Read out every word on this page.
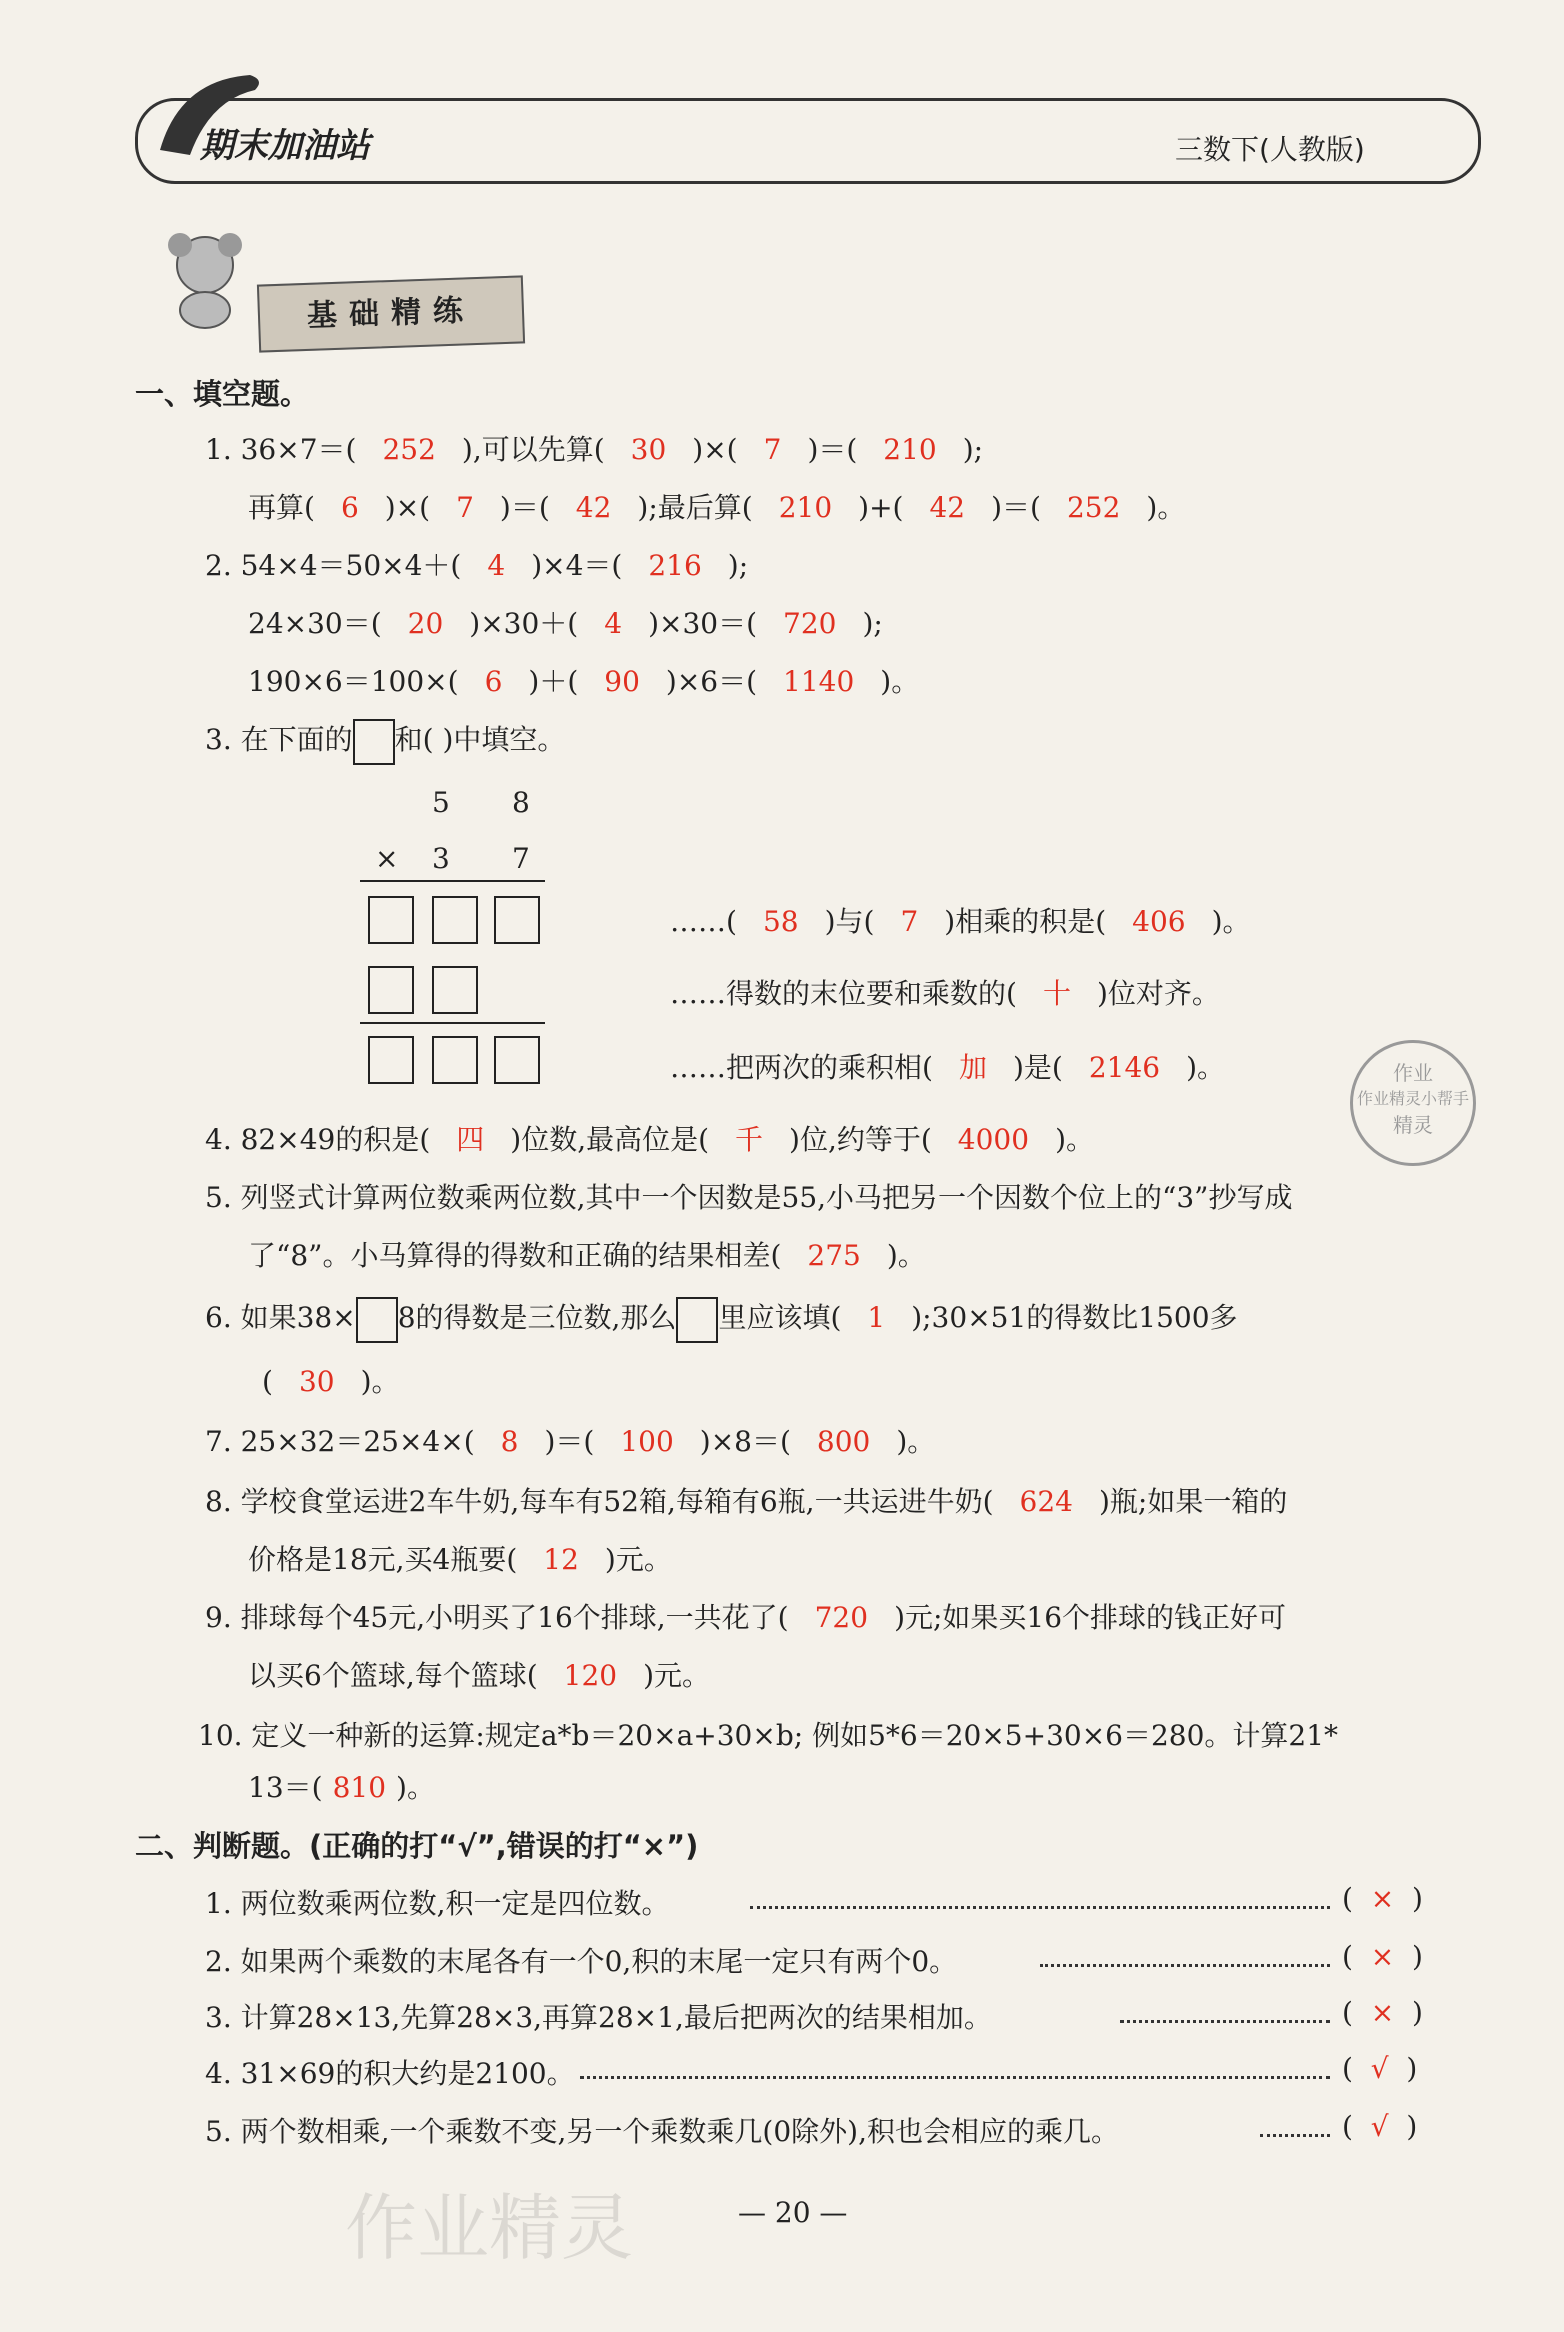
期末加油站	三数下(人教版)
基础精练
一、填空题。
1. 36×7＝( 252 ),可以先算( 30 )×( 7 )＝( 210 );
再算( 6 )×( 7 )＝( 42 );最后算( 210 )+( 42 )＝( 252 )。
2. 54×4＝50×4＋( 4 )×4＝( 216 );
24×30＝( 20 )×30＋( 4 )×30＝( 720 );
190×6＝100×( 6 )＋( 90 )×6＝( 1140 )。
3. 在下面的 和( )中填空。
5 8
× 3 7
……( 58 )与( 7 )相乘的积是( 406 )。
……得数的末位要和乘数的( 十 )位对齐。
……把两次的乘积相( 加 )是( 2146 )。	作业
作业精灵小帮手
精灵
4. 82×49的积是( 四 )位数,最高位是( 千 )位,约等于( 4000 )。
5. 列竖式计算两位数乘两位数,其中一个因数是55,小马把另一个因数个位上的“3”抄写成
了“8”。小马算得的得数和正确的结果相差( 275 )。
6. 如果38× 8的得数是三位数,那么 里应该填( 1 );30×51的得数比1500多
( 30 )。
7. 25×32＝25×4×( 8 )＝( 100 )×8＝( 800 )。
8. 学校食堂运进2车牛奶,每车有52箱,每箱有6瓶,一共运进牛奶( 624 )瓶;如果一箱的
价格是18元,买4瓶要( 12 )元。
9. 排球每个45元,小明买了16个排球,一共花了( 720 )元;如果买16个排球的钱正好可
以买6个篮球,每个篮球( 120 )元。
10. 定义一种新的运算:规定a*b＝20×a+30×b; 例如5*6＝20×5+30×6＝280。计算21*
13＝( 810 )。
二、判断题。(正确的打“√”,错误的打“×”)
1. 两位数乘两位数,积一定是四位数。	(  ×  )
2. 如果两个乘数的末尾各有一个0,积的末尾一定只有两个0。	(  ×  )
3. 计算28×13,先算28×3,再算28×1,最后把两次的结果相加。	(  ×  )
4. 31×69的积大约是2100。	(  √  )
5. 两个数相乘,一个乘数不变,另一个乘数乘几(0除外),积也会相应的乘几。	(  √  )
— 20 —
作业精灵
